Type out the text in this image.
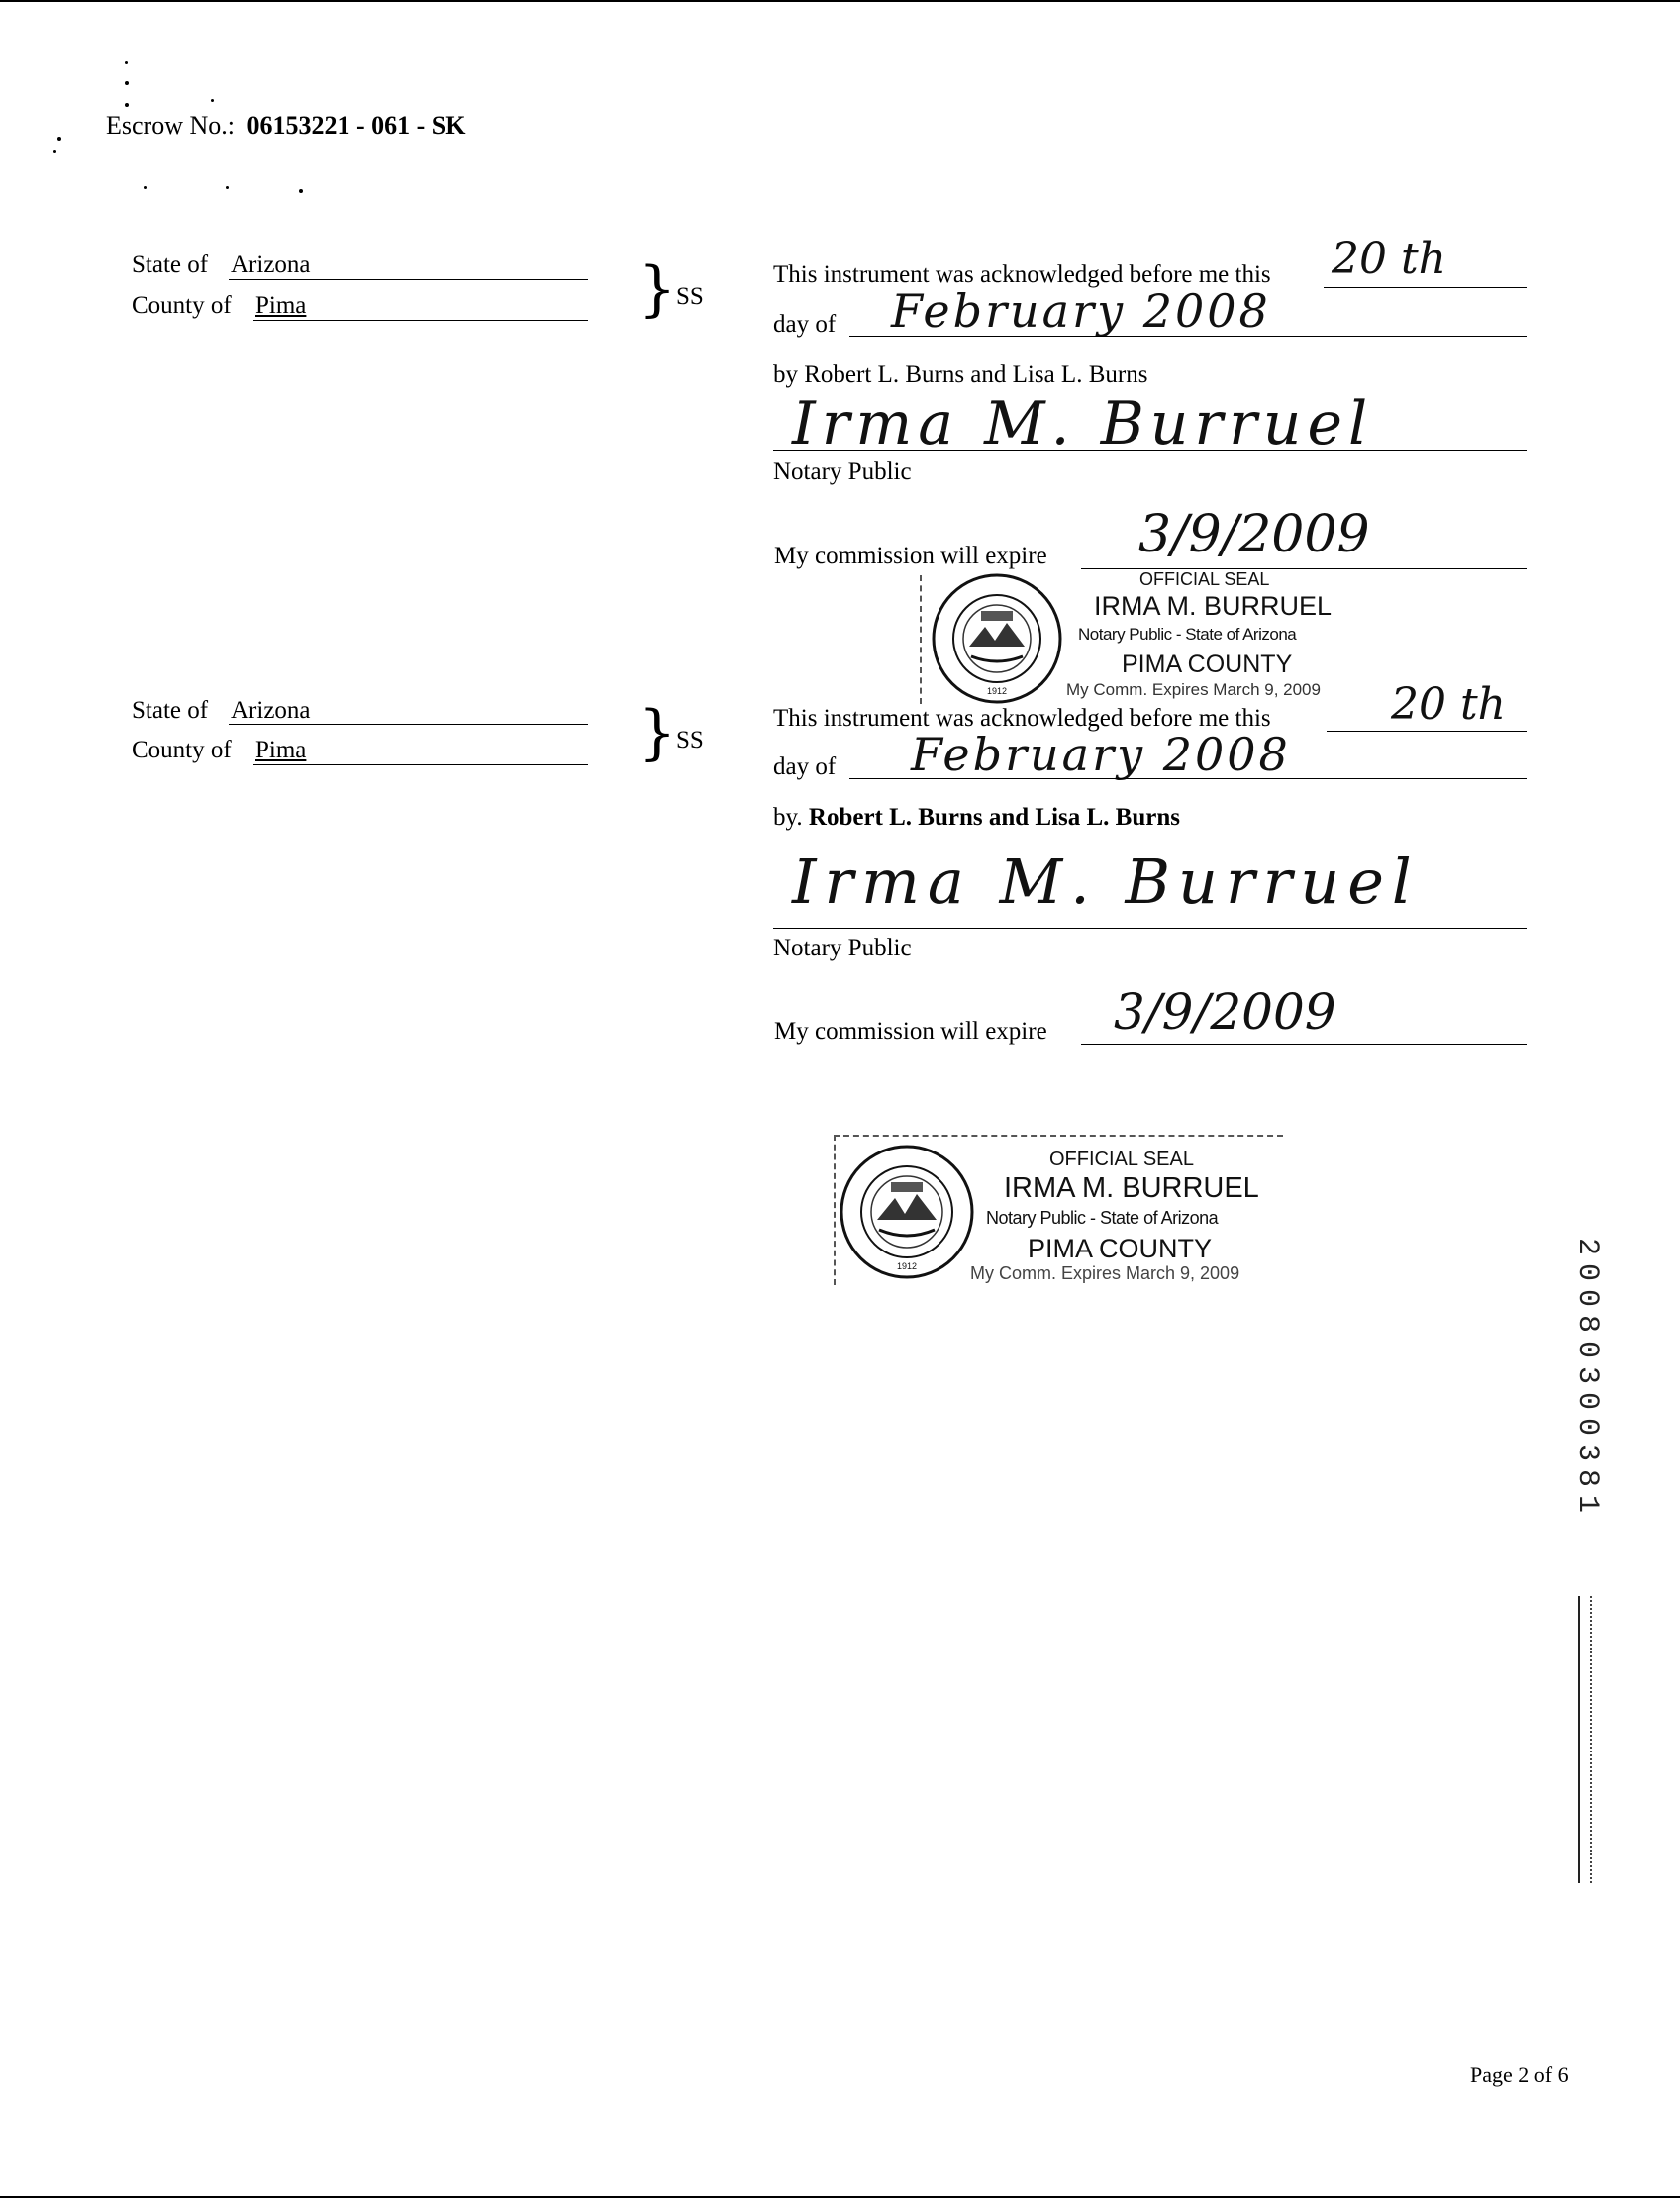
Escrow No.: 06153221 - 061 - SK
State of Arizona
County of Pima	} SS
This instrument was acknowledged before me this 20 th
day of February 2008
by Robert L. Burns and Lisa L. Burns
Irma M. Burruel
Notary Public
My commission will expire 3/9/2009
1912
OFFICIAL SEAL
IRMA M. BURRUEL
Notary Public - State of Arizona
PIMA COUNTY
My Comm. Expires March 9, 2009
State of Arizona
County of Pima	} SS
This instrument was acknowledged before me this	20 th
day of February 2008
by. Robert L. Burns and Lisa L. Burns
Irma M. Burruel
Notary Public
My commission will expire 3/9/2009
1912
OFFICIAL SEAL
IRMA M. BURRUEL
Notary Public - State of Arizona
PIMA COUNTY
My Comm. Expires March 9, 2009	20080300381
Page 2 of 6
